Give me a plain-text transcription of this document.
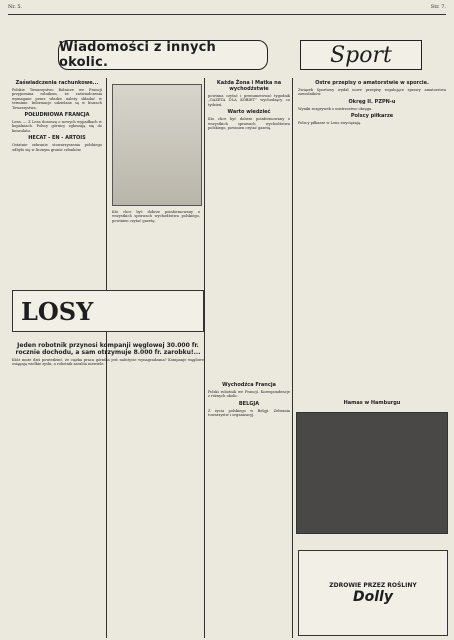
Nr. 5.	Str. 7.
Wiadomości z innych okolic.	Sport

Zaświadczenia rachunkowe...

Polskie Towarzystwo Rolnicze we Francji przypomina rolnikom, że zaświadczenia wymagane przez władze należy składać w terminie. Informacje udzielane są w biurach Towarzystwa.

POŁUDNIOWA FRANCJA

Lens. — Z Lens donoszą o nowych wypadkach w kopalniach. Polscy górnicy zgłaszają się do konsulatu.

HECAT - EN - ARTOIS

Ostatnie zebranie stowarzyszenia polskiego odbyło się w licznym gronie członków.

Kto chce być dobrze poinformowany o wszystkich sprawach wychodźstwa polskiego, powinien czytać gazetę.

Każda Żona i Matka na wychodźstwie

powinna czytać i prenumerować tygodnik „GAZETA DLA KOBIET” wychodzący co tydzień.

Warto wiedzieć

Kto chce być dobrze poinformowany o wszystkich sprawach wychodźstwa polskiego, powinien czytać gazetę.

LOSY

Jeden robotnik przynosi kompanji węglowej 30.000 fr. rocznie dochodu, a sam otrzymuje 8.000 fr. zarobku!...

Któż może dziś powiedzieć, że ciężka praca górnika jest należycie wynagradzana? Kompanje węglowe osiągają wielkie zyski, a robotnik zarabia niewiele.

Wychodźca Francja

Polski robotnik we Francji. Korespondencje z różnych okolic.

BELGJA

Z życia polskiego w Belgji. Zebrania towarzystw i organizacyj.

Ostre przepisy o amatorstwie w sporcie.

Związek Sportowy wydał nowe przepisy regulujące sprawy amatorstwa zawodników.

Okręg II. PZPN-u

Wyniki rozgrywek o mistrzostwo okręgu.

Polscy piłkarze

Polscy piłkarze w Lens zwyciężają.

Hamas w Hamburgu

ZDROWIE PRZEZ ROŚLINY
Dolly
